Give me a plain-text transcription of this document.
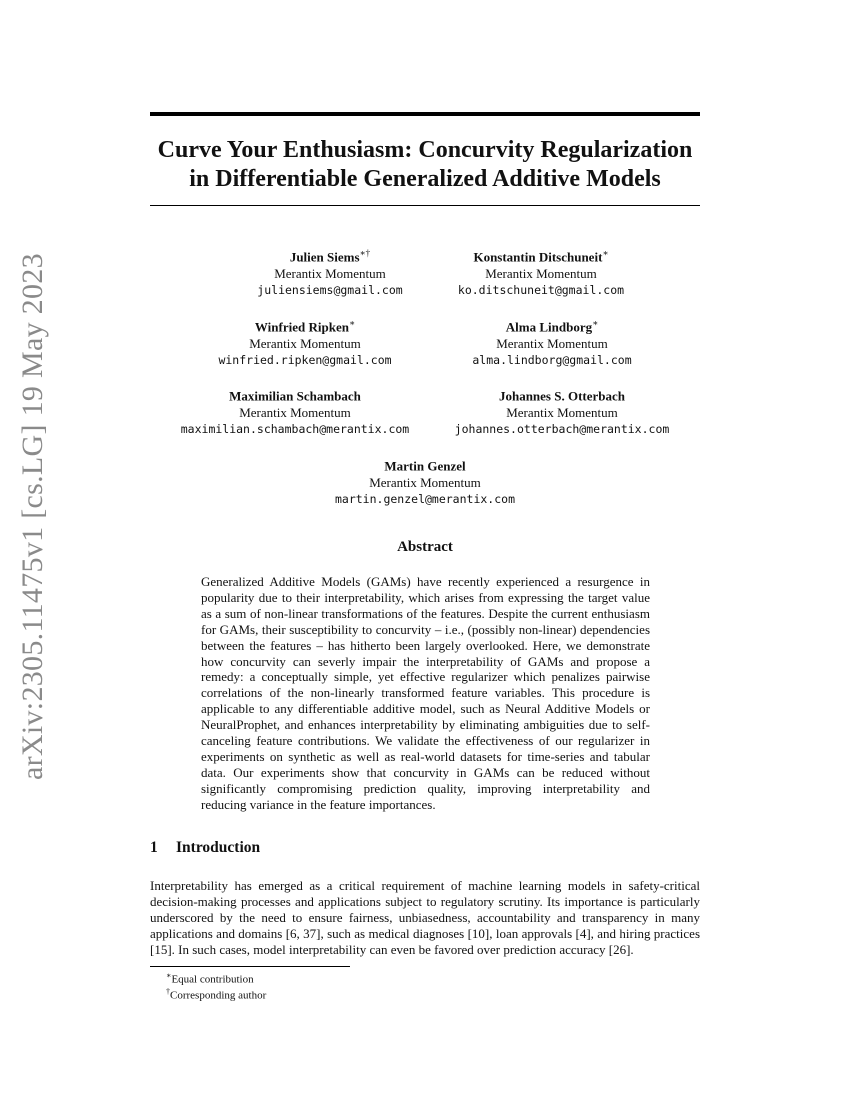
arXiv:2305.11475v1 [cs.LG] 19 May 2023
Curve Your Enthusiasm: Concurvity Regularization in Differentiable Generalized Additive Models
Julien Siems∗†
Merantix Momentum
juliensiems@gmail.com
Konstantin Ditschuneit∗
Merantix Momentum
ko.ditschuneit@gmail.com
Winfried Ripken∗
Merantix Momentum
winfried.ripken@gmail.com
Alma Lindborg∗
Merantix Momentum
alma.lindborg@gmail.com
Maximilian Schambach
Merantix Momentum
maximilian.schambach@merantix.com
Johannes S. Otterbach
Merantix Momentum
johannes.otterbach@merantix.com
Martin Genzel
Merantix Momentum
martin.genzel@merantix.com
Abstract

Generalized Additive Models (GAMs) have recently experienced a resurgence in popularity due to their interpretability, which arises from expressing the target value as a sum of non-linear transformations of the features. Despite the current enthusiasm for GAMs, their susceptibility to concurvity – i.e., (possibly non-linear) dependencies between the features – has hitherto been largely overlooked. Here, we demonstrate how concurvity can severly impair the interpretability of GAMs and propose a remedy: a conceptually simple, yet effective regularizer which penalizes pairwise correlations of the non-linearly transformed feature variables. This procedure is applicable to any differentiable additive model, such as Neural Additive Models or NeuralProphet, and enhances interpretability by eliminating ambiguities due to self-canceling feature contributions. We validate the effectiveness of our regularizer in experiments on synthetic as well as real-world datasets for time-series and tabular data. Our experiments show that concurvity in GAMs can be reduced without significantly compromising prediction quality, improving interpretability and reducing variance in the feature importances.

1 Introduction

Interpretability has emerged as a critical requirement of machine learning models in safety-critical decision-making processes and applications subject to regulatory scrutiny. Its importance is particularly underscored by the need to ensure fairness, unbiasedness, accountability and transparency in many applications and domains [6, 37], such as medical diagnoses [10], loan approvals [4], and hiring practices [15]. In such cases, model interpretability can even be favored over prediction accuracy [26].

∗Equal contribution
†Corresponding author
